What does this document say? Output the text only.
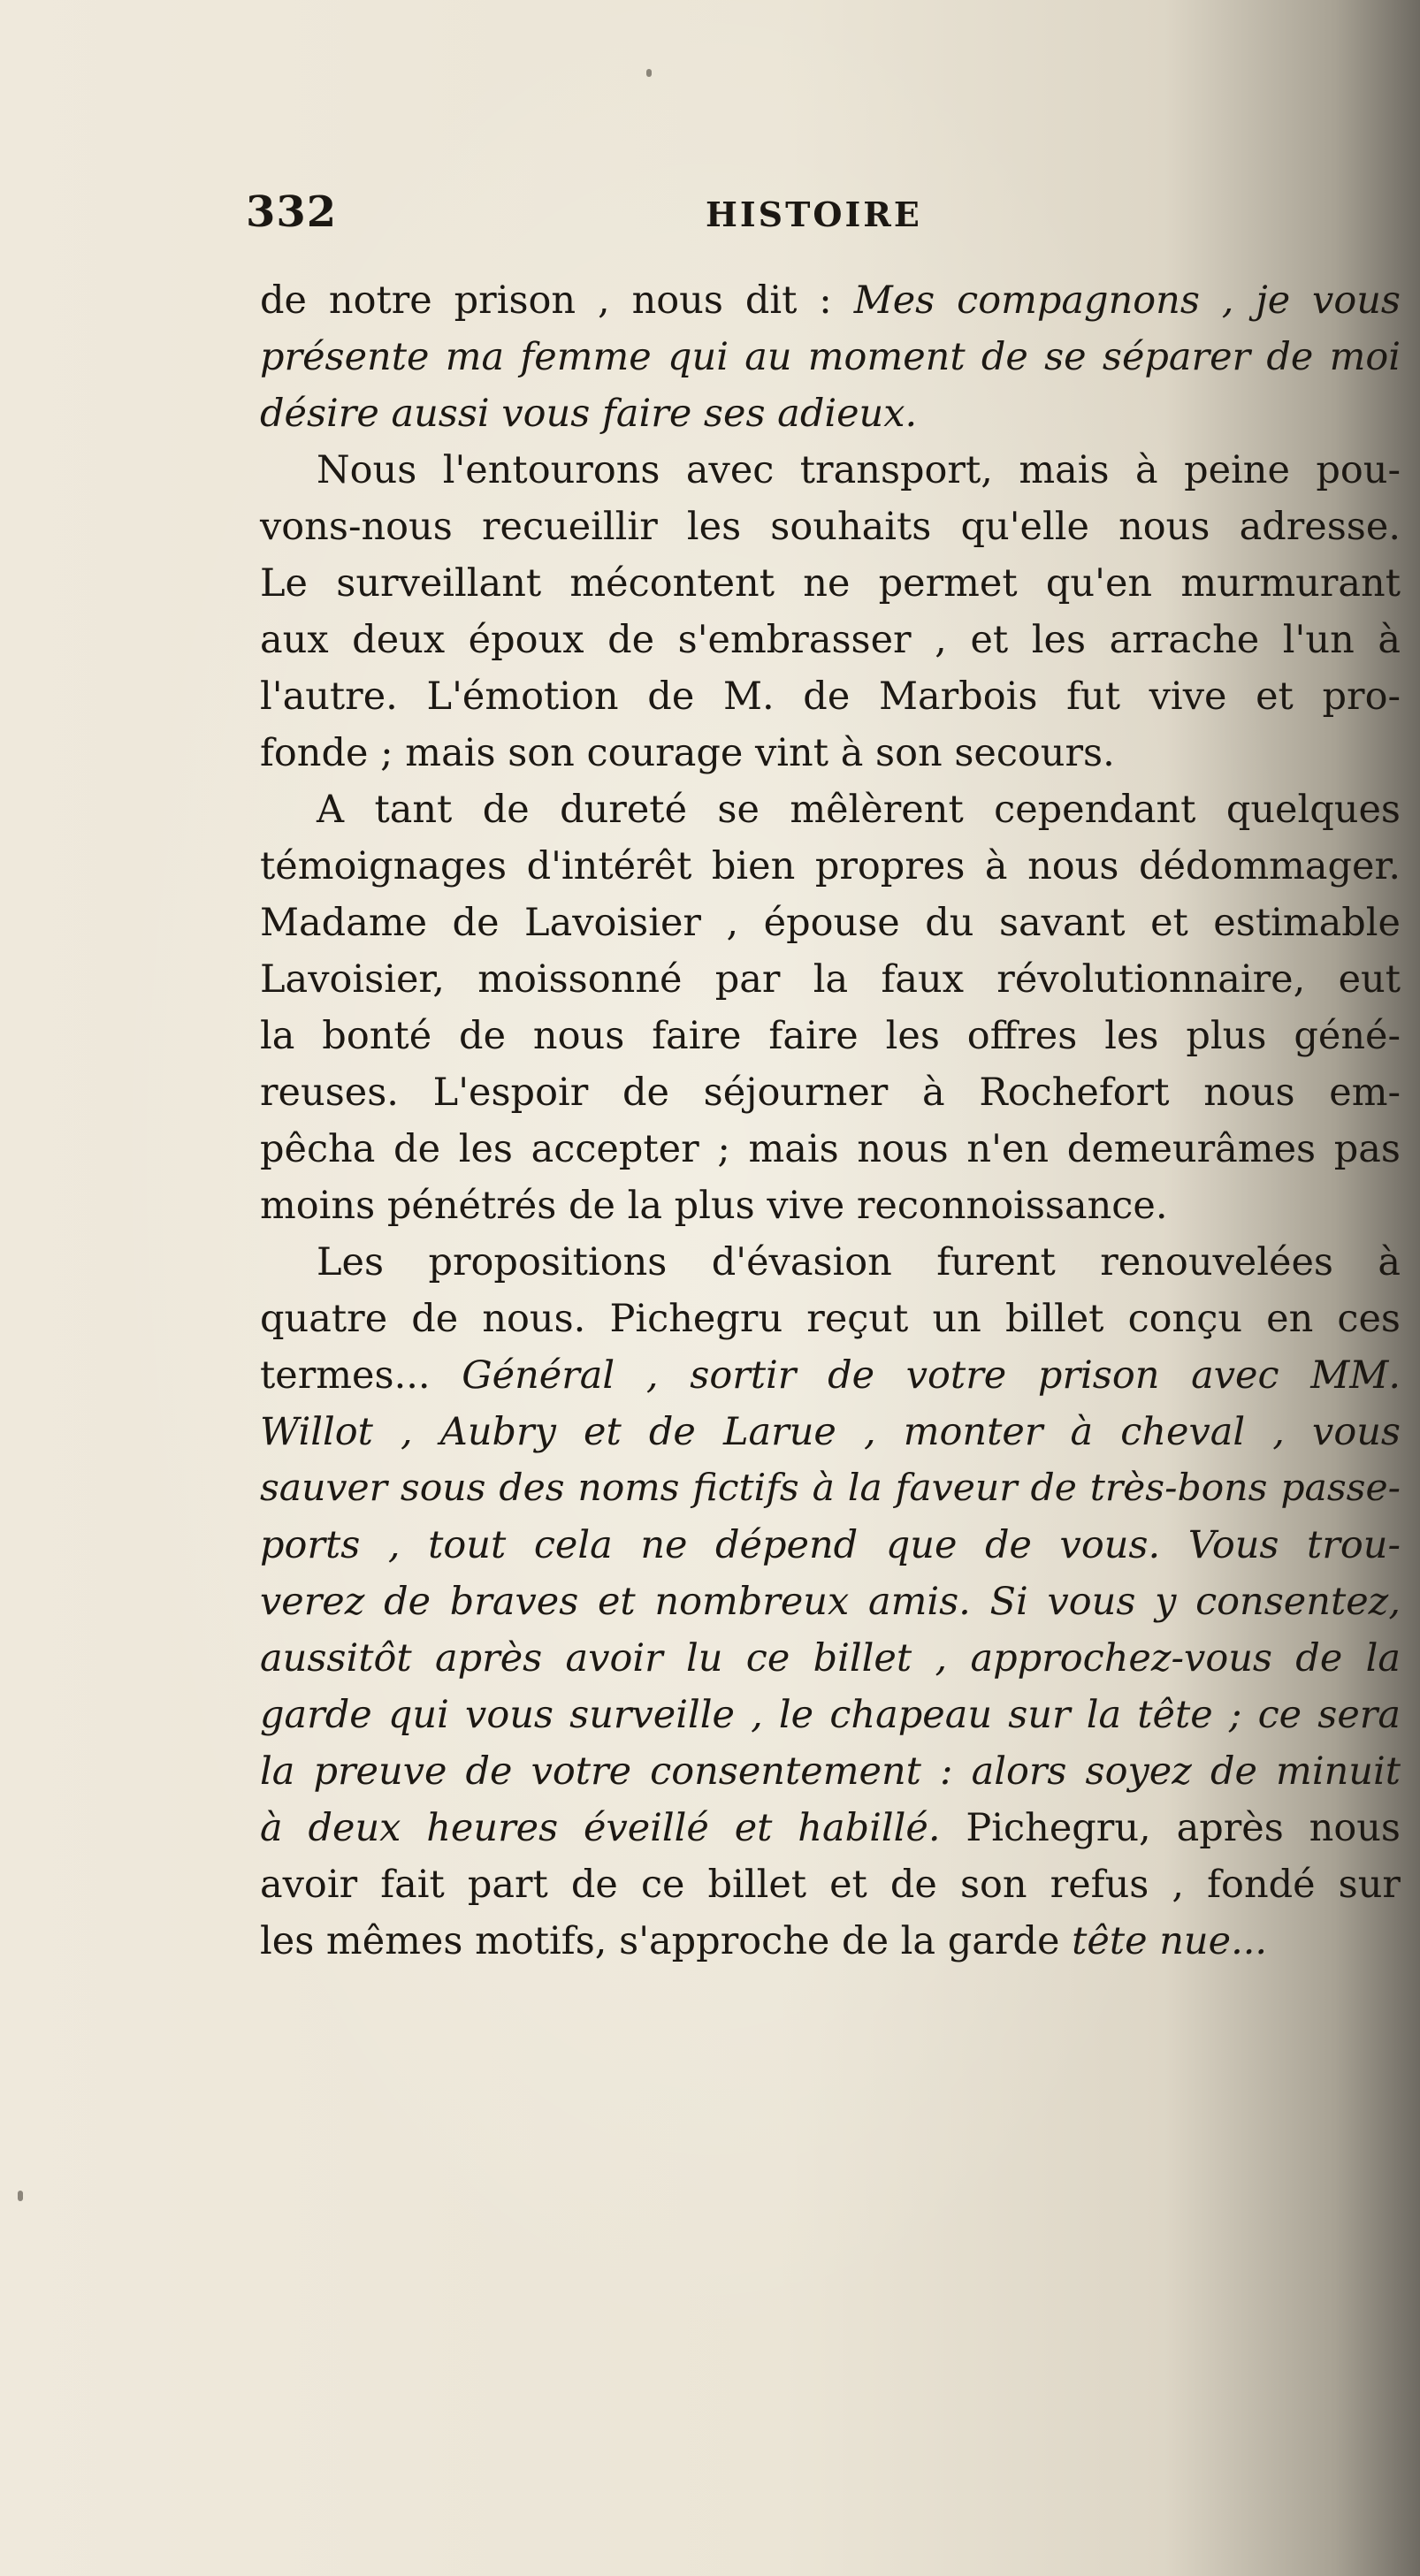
332	HISTOIRE
de notre prison , nous dit : Mes compagnons , je vous
présente ma femme qui au moment de se séparer de moi
désire aussi vous faire ses adieux.
Nous l'entourons avec transport, mais à peine pou-
vons-nous recueillir les souhaits qu'elle nous adresse.
Le surveillant mécontent ne permet qu'en murmurant
aux deux époux de s'embrasser , et les arrache l'un à
l'autre. L'émotion de M. de Marbois fut vive et pro-
fonde ; mais son courage vint à son secours.
A tant de dureté se mêlèrent cependant quelques
témoignages d'intérêt bien propres à nous dédommager.
Madame de Lavoisier , épouse du savant et estimable
Lavoisier, moissonné par la faux révolutionnaire, eut
la bonté de nous faire faire les offres les plus géné-
reuses. L'espoir de séjourner à Rochefort nous em-
pêcha de les accepter ; mais nous n'en demeurâmes pas
moins pénétrés de la plus vive reconnoissance.
Les propositions d'évasion furent renouvelées à
quatre de nous. Pichegru reçut un billet conçu en ces
termes... Général , sortir de votre prison avec MM.
Willot , Aubry et de Larue , monter à cheval , vous
sauver sous des noms fictifs à la faveur de très-bons passe-
ports , tout cela ne dépend que de vous. Vous trou-
verez de braves et nombreux amis. Si vous y consentez,
aussitôt après avoir lu ce billet , approchez-vous de la
garde qui vous surveille , le chapeau sur la tête ; ce sera
la preuve de votre consentement : alors soyez de minuit
à deux heures éveillé et habillé. Pichegru, après nous
avoir fait part de ce billet et de son refus , fondé sur
les mêmes motifs, s'approche de la garde tête nue...
